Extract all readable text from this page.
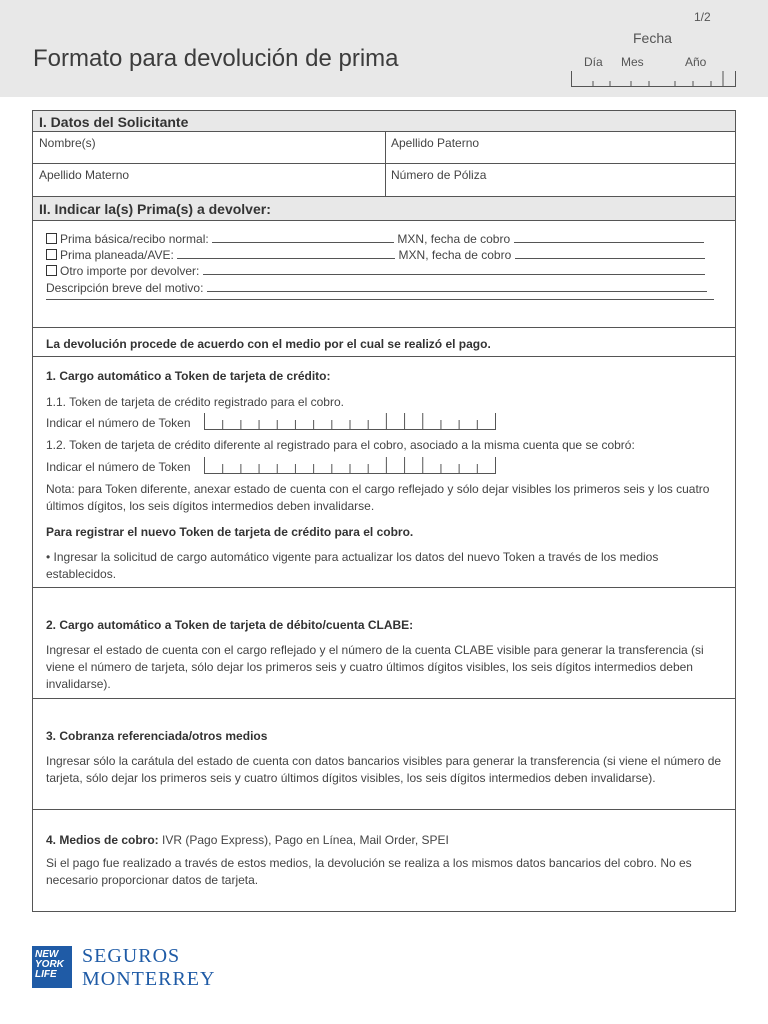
1/2
Formato para devolución de prima
Fecha
Día Mes	Año
I. Datos del Solicitante
Nombre(s)	Apellido Paterno
Apellido Materno	Número de Póliza
II. Indicar la(s) Prima(s) a devolver:
Prima básica/recibo normal:	MXN, fecha de cobro
Prima planeada/AVE:	MXN, fecha de cobro
Otro importe por devolver:
Descripción breve del motivo:
La devolución procede de acuerdo con el medio por el cual se realizó el pago.
1. Cargo automático a Token de tarjeta de crédito:
1.1. Token de tarjeta de crédito registrado para el cobro.
Indicar el número de Token
1.2. Token de tarjeta de crédito diferente al registrado para el cobro, asociado a la misma cuenta que se cobró:
Indicar el número de Token
Nota: para Token diferente, anexar estado de cuenta con el cargo reflejado y sólo dejar visibles los primeros seis y los cuatro últimos dígitos, los seis dígitos intermedios deben invalidarse.
Para registrar el nuevo Token de tarjeta de crédito para el cobro.
• Ingresar la solicitud de cargo automático vigente para actualizar los datos del nuevo Token a través de los medios establecidos.
2. Cargo automático a Token de tarjeta de débito/cuenta CLABE:
Ingresar el estado de cuenta con el cargo reflejado y el número de la cuenta CLABE visible para generar la transferencia (si viene el número de tarjeta, sólo dejar los primeros seis y cuatro últimos dígitos visibles, los seis dígitos intermedios deben invalidarse).
3. Cobranza referenciada/otros medios
Ingresar sólo la carátula del estado de cuenta con datos bancarios visibles para generar la transferencia (si viene el número de tarjeta, sólo dejar los primeros seis y cuatro últimos dígitos visibles, los seis dígitos intermedios deben invalidarse).
4. Medios de cobro: IVR (Pago Express), Pago en Línea, Mail Order, SPEI
Si el pago fue realizado a través de estos medios, la devolución se realiza a los mismos datos bancarios del cobro. No es necesario proporcionar datos de tarjeta.
NEW YORK LIFE
SEGUROS
MONTERREY
